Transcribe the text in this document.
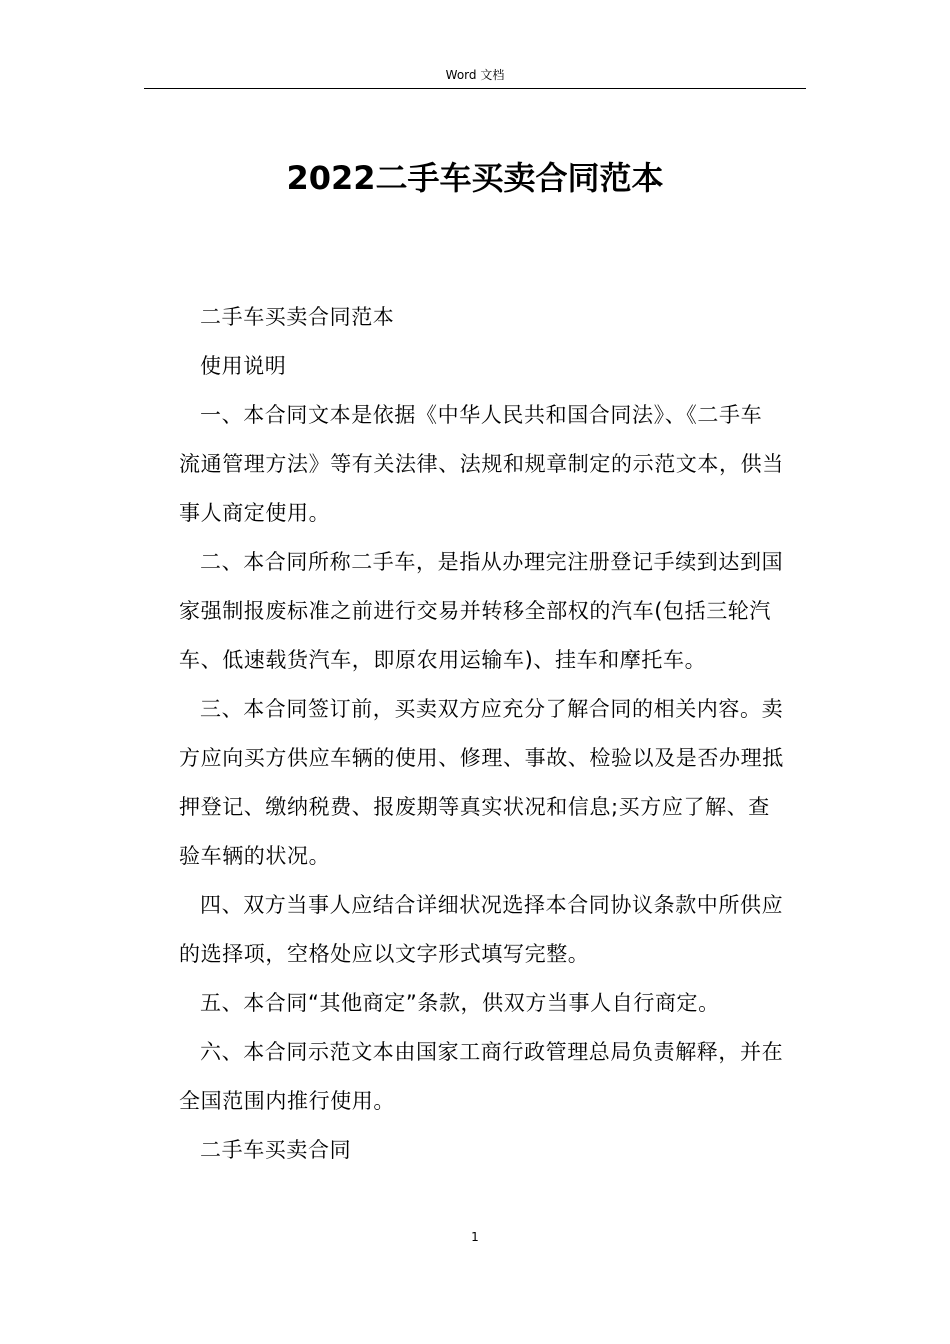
Word 文档
2022二手车买卖合同范本

二手车买卖合同范本

使用说明

一、本合同文本是依据《中华人民共和国合同法》、《二手车
流通管理方法》等有关法律、法规和规章制定的示范文本，供当
事人商定使用。

二、本合同所称二手车，是指从办理完注册登记手续到达到国
家强制报废标准之前进行交易并转移全部权的汽车(包括三轮汽
车、低速载货汽车，即原农用运输车)、挂车和摩托车。

三、本合同签订前，买卖双方应充分了解合同的相关内容。卖
方应向买方供应车辆的使用、修理、事故、检验以及是否办理抵
押登记、缴纳税费、报废期等真实状况和信息;买方应了解、查
验车辆的状况。

四、双方当事人应结合详细状况选择本合同协议条款中所供应
的选择项，空格处应以文字形式填写完整。

五、本合同“其他商定”条款，供双方当事人自行商定。

六、本合同示范文本由国家工商行政管理总局负责解释，并在
全国范围内推行使用。

二手车买卖合同

1
